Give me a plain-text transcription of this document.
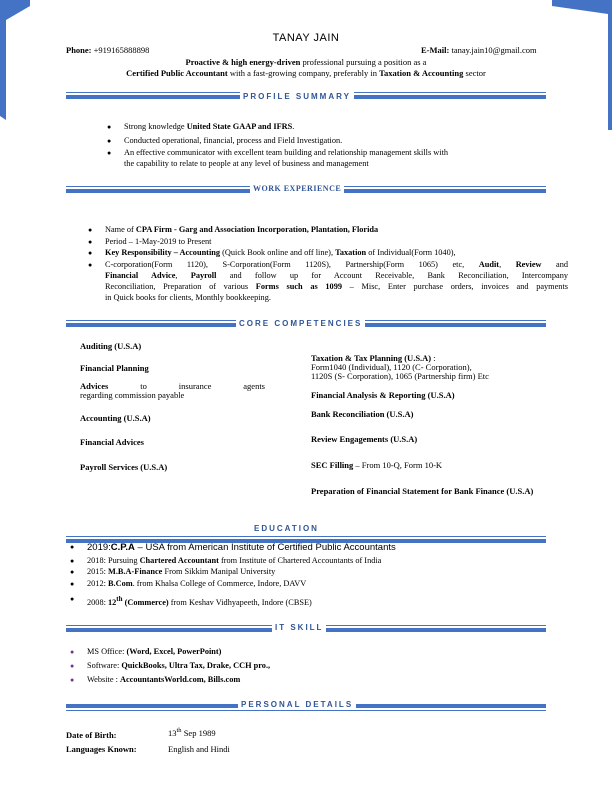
TANAY JAIN
Phone: +919165888898	E-Mail: tanay.jain10@gmail.com
Proactive & high energy-driven professional pursuing a position as a
Certified Public Accountant with a fast-growing company, preferably in Taxation & Accounting sector
PROFILE SUMMARY
● Strong knowledge United State GAAP and IFRS.
● Conducted operational, financial, process and Field Investigation.
● An effective communicator with excellent team building and relationship management skills with
the capability to relate to people at any level of business and management
WORK EXPERIENCE
● Name of CPA Firm - Garg and Association Incorporation, Plantation, Florida
● Period – 1-May-2019 to Present
● Key Responsibility – Accounting (Quick Book online and off line), Taxation of Individual(Form 1040),
● C-corporation(Form 1120), S-Corporation(Form 1120S), Partnership(Form 1065) etc, Audit, Review and
Financial Advice, Payroll and follow up for Account Receivable, Bank Reconciliation, Intercompany
Reconciliation, Preparation of various Forms such as 1099 – Misc, Enter purchase orders, invoices and payments
in Quick books for clients, Monthly bookkeeping.
CORE COMPETENCIES
Auditing (U.S.A)
Financial Planning
Advices	to insurance agents
regarding commission payable
Accounting (U.S.A)
Financial Advices
Payroll Services (U.S.A)
Taxation & Tax Planning (U.S.A) :
Form1040 (Individual), 1120 (C- Corporation),
1120S (S- Corporation), 1065 (Partnership firm) Etc
Financial Analysis & Reporting (U.S.A)
Bank Reconciliation (U.S.A)
Review Engagements (U.S.A)
SEC Filling – From 10-Q, Form 10-K
Preparation of Financial Statement for Bank Finance (U.S.A)
EDUCATION
● 2019:C.P.A – USA from American Institute of Certified Public Accountants
● 2018: Pursuing Chartered Accountant from Institute of Chartered Accountants of India
● 2015: M.B.A-Finance From Sikkim Manipal University
● 2012: B.Com. from Khalsa College of Commerce, Indore, DAVV
● 2008: 12th (Commerce) from Keshav Vidhyapeeth, Indore (CBSE)
IT SKILL
● MS Office: (Word, Excel, PowerPoint)
● Software: QuickBooks, Ultra Tax, Drake, CCH pro.,
● Website : AccountantsWorld.com, Bills.com
PERSONAL DETAILS
Date of Birth:	13th Sep 1989
Languages Known:	English and Hindi
